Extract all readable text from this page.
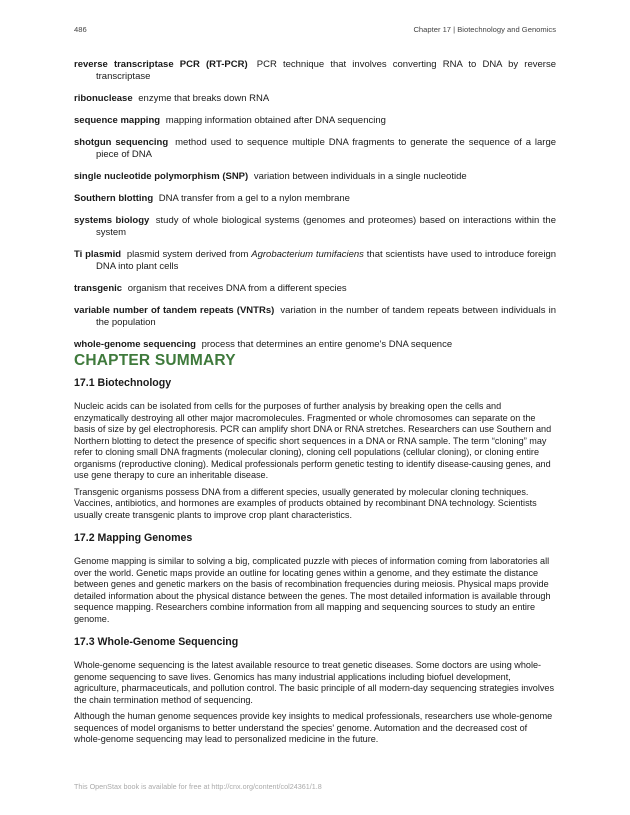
486	Chapter 17 | Biotechnology and Genomics

reverse transcriptase PCR (RT-PCR) PCR technique that involves converting RNA to DNA by reverse transcriptase

ribonuclease enzyme that breaks down RNA

sequence mapping mapping information obtained after DNA sequencing

shotgun sequencing method used to sequence multiple DNA fragments to generate the sequence of a large piece of DNA

single nucleotide polymorphism (SNP) variation between individuals in a single nucleotide

Southern blotting DNA transfer from a gel to a nylon membrane

systems biology study of whole biological systems (genomes and proteomes) based on interactions within the system

Ti plasmid plasmid system derived from Agrobacterium tumifaciens that scientists have used to introduce foreign DNA into plant cells

transgenic organism that receives DNA from a different species

variable number of tandem repeats (VNTRs) variation in the number of tandem repeats between individuals in the population

whole-genome sequencing process that determines an entire genome's DNA sequence

CHAPTER SUMMARY
17.1 Biotechnology

Nucleic acids can be isolated from cells for the purposes of further analysis by breaking open the cells and enzymatically destroying all other major macromolecules. Fragmented or whole chromosomes can separate on the basis of size by gel electrophoresis. PCR can amplify short DNA or RNA stretches. Researchers can use Southern and Northern blotting to detect the presence of specific short sequences in a DNA or RNA sample. The term “cloning” may refer to cloning small DNA fragments (molecular cloning), cloning cell populations (cellular cloning), or cloning entire organisms (reproductive cloning). Medical professionals perform genetic testing to identify disease-causing genes, and use gene therapy to cure an inheritable disease.

Transgenic organisms possess DNA from a different species, usually generated by molecular cloning techniques. Vaccines, antibiotics, and hormones are examples of products obtained by recombinant DNA technology. Scientists usually create transgenic plants to improve crop plant characteristics.

17.2 Mapping Genomes

Genome mapping is similar to solving a big, complicated puzzle with pieces of information coming from laboratories all over the world. Genetic maps provide an outline for locating genes within a genome, and they estimate the distance between genes and genetic markers on the basis of recombination frequencies during meiosis. Physical maps provide detailed information about the physical distance between the genes. The most detailed information is available through sequence mapping. Researchers combine information from all mapping and sequencing sources to study an entire genome.

17.3 Whole-Genome Sequencing

Whole-genome sequencing is the latest available resource to treat genetic diseases. Some doctors are using whole-genome sequencing to save lives. Genomics has many industrial applications including biofuel development, agriculture, pharmaceuticals, and pollution control. The basic principle of all modern-day sequencing strategies involves the chain termination method of sequencing.

Although the human genome sequences provide key insights to medical professionals, researchers use whole-genome sequences of model organisms to better understand the species' genome. Automation and the decreased cost of whole-genome sequencing may lead to personalized medicine in the future.

This OpenStax book is available for free at http://cnx.org/content/col24361/1.8
